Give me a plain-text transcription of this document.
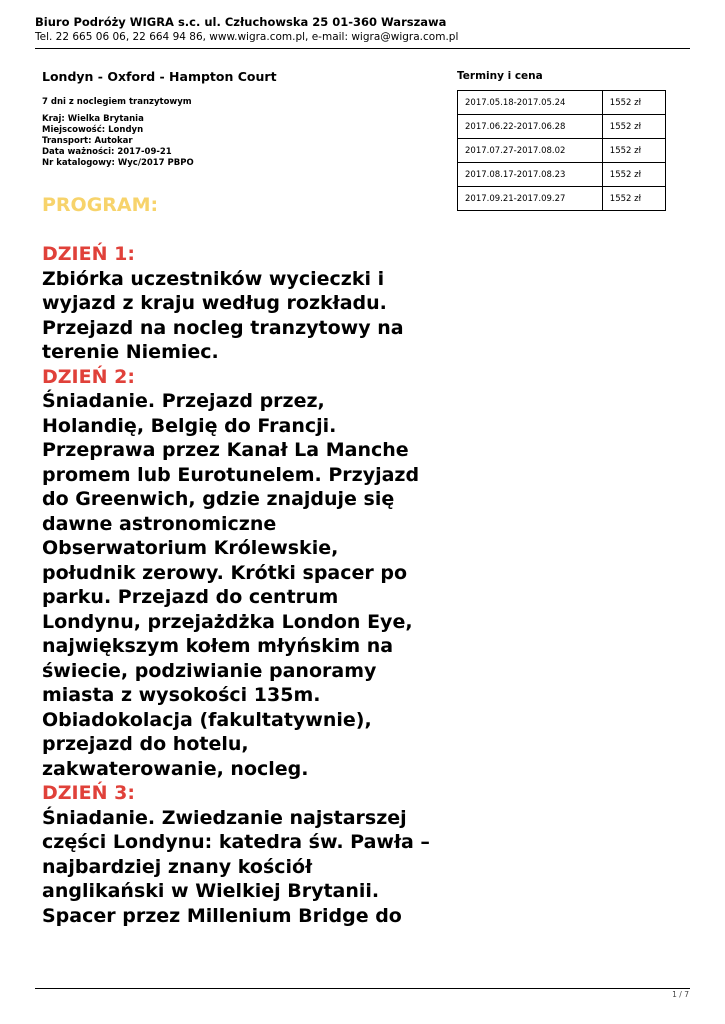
Biuro Podróży WIGRA s.c. ul. Człuchowska 25 01-360 Warszawa
Tel. 22 665 06 06, 22 664 94 86, www.wigra.com.pl, e-mail: wigra@wigra.com.pl
Londyn - Oxford - Hampton Court
7 dni z noclegiem tranzytowym
Kraj: Wielka Brytania
Miejscowość: Londyn
Transport: Autokar
Data ważności: 2017-09-21
Nr katalogowy: Wyc/2017 PBPO
PROGRAM:
DZIEŃ 1:
Zbiórka uczestników wycieczki i wyjazd z kraju według rozkładu. Przejazd na nocleg tranzytowy na terenie Niemiec.
DZIEŃ 2:
Śniadanie. Przejazd przez, Holandię, Belgię do Francji. Przeprawa przez Kanał La Manche promem lub Eurotunelem. Przyjazd do Greenwich, gdzie znajduje się dawne astronomiczne Obserwatorium Królewskie, południk zerowy. Krótki spacer po parku. Przejazd do centrum Londynu, przejażdżka London Eye, największym kołem młyńskim na świecie, podziwianie panoramy miasta z wysokości 135m. Obiadokolacja (fakultatywnie), przejazd do hotelu, zakwaterowanie, nocleg.
DZIEŃ 3:
Śniadanie. Zwiedzanie najstarszej części Londynu: katedra św. Pawła – najbardziej znany kościół anglikański w Wielkiej Brytanii. Spacer przez Millenium Bridge do
Terminy i cena
2017.05.18-2017.05.24	1552 zł
2017.06.22-2017.06.28	1552 zł
2017.07.27-2017.08.02	1552 zł
2017.08.17-2017.08.23	1552 zł
2017.09.21-2017.09.27	1552 zł
1 / 7
